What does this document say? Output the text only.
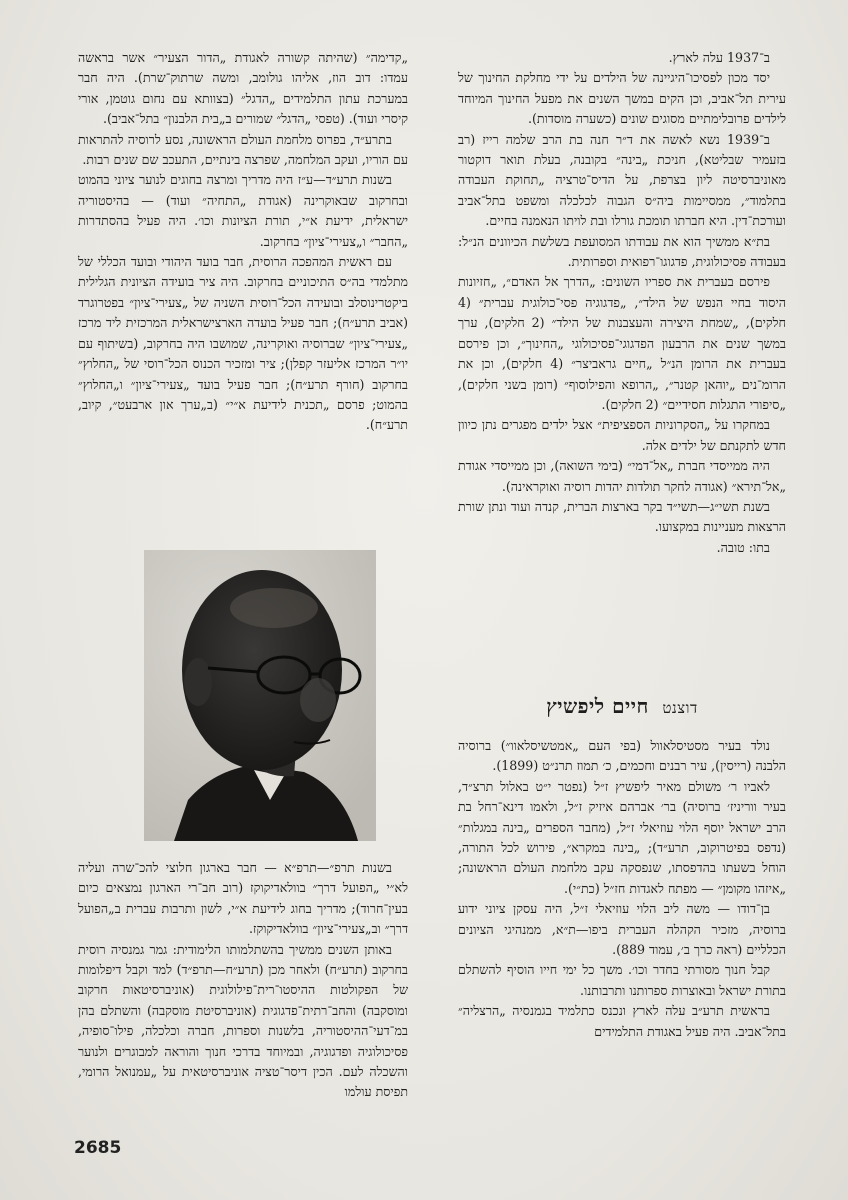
„קדימה״ (שהיתה קשורה לאגודת „הדור הצעיר״ אשר בראשה עמדו: דוב הוז, אליהו גולומב, ומשה שרתוק־שרת). היה חבר במערכת עתון התלמידים „הדגל״ (בצוותא עם נחום גוטמן, אורי קיסרי ועוד). (טפסי „הדגל״ שמורים ב„בית הלבנון״ בתל־אביב).

בתרע״ד, בפרוס מלחמת העולם הראשונה, נסע לרוסיה להתראות עם הוריו, ועקב המלחמה, שפרצה בינתיים, התעכב שם שנים רבות.

בשנות תרע״ד—ע״ז היה מדריך ומרצה בחוגים לנוער ציוני בהמוט ובחרקוב שבאוקרינה (אגודת „התחיה״ ועוד) — בהיסטוריה ישראלית, ידיעת א״י, תורת הציונות וכו׳. היה פעיל בהסתדרות „החבר״ ו„צעירי־ציון״ בחרקוב.

עם ראשית המהפכה הרוסית, חבר בועד היהודי ובועד הכללי של מתלמדי בה״ס התיכוניים בחרקוב. היה ציר בועידה הציונית הגלילית ביקטרינוסלב ובועידה הכל־רוסית השניה של „צעירי־ציון״ בפטרוגרד (אביב תרע״ח); חבר פעיל בועדה הארצישראלית המרכזית ליד מרכז „צעירי־ציון״ שברוסיה ואוקרינה, שמושבו היה בחרקוב, (בשיתוף עם יו״ר המרכז אליעזר קפלן); ציר ומזכיר הכנוס הכל־רוסי של „החלוץ״ בחרקוב (חורף תרע״ח); חבר פעיל בועד „צעירי־ציון״ ו„החלוץ״ בהמוט; פרסם „תכנית לידיעת א״י״ (ב„ערך און ארבעט״, קיוב, תרע״ח).

בשנות תרפ״—תרפ״א — חבר בארגון חלוצי להכ־שרה ועליה לא״י „הפועל דרך״ בוולאדיקוקז (רוב חב־רי הארגון נמצאים כיום בעין־חרוד); מדריך בחוג לידיעת א״י, לשון ותרבות עברית ב„הפועל דרך״ וב„צעירי־ציון״ בוולאדיקוקז.

באותן השנים ממשיך בהשתלמותו הלימודית: גמר גמנסיה רוסית בחרקוב (תרע״ח) ולאחר מכן (תרע״ח—תרפ״ד) למד וקבל דיפלומות של הפקולטות ההיסטו־רית־פילולוגית (אוניברסיטאות חרקוב ומוסקבה) והחב־רתית־פדגוגית (אוניברסיטת מוסקבה) והשתלם בהן במ־דעי־ההיסטוריה, בלשנות וספרות, חברה וכלכלה, פילו־סופיה, פסיכולוגיה ופדגוגיה, ובמיוחד בדרכי חנוך והוראה למבוגרים ולנוער והשכלה לעם. הכין דיסר־טציה אוניברסיטאית על „עמנואל הרומי, תפיסת עולמו

ב־1937 עלה לארץ.

יסד מכון לפסיכו־היגיינה של הילדים על ידי מחלקת החינוך של עירית תל־אביב, וכן הקים במשך השנים את מפעל החינוך המיוחד לילדים פרובלימתיים מסוגים שונים (כשערה מוסדות).

ב־1939 נשא לאשה את ד״ר חנה בת הרב שלמה רייז (רב בזעמיר שבליטא), חניכת „בינה״ בקובנה, בעלת תואר דוקטור מאוניברסיטה ליון בצרפת, על הדיס־טרציה „תחוקת העבודה בתלמוד״, ממסיימות ביה״ס הגבוה לכלכלה ומשפט בתל־אביב ועורכת־דין. היא חברתו תומכת גורלו ובת לויתו הנאמנה בחיים.

בת״א ממשיך הוא את עבודתו המסועפת בשלשת הכיוונים הנ״ל: בעבודה פסיכולוגית, פדגוגו־רפואית וספרותית.

פירסם בעברית את ספריו השונים: „הדרך אל האדם״, „חזיונות היסוד בחיי הנפש של הילד״, „פדגוגיה פסי־כולוגית עברית״ (4 חלקים), „שמחת היצירה והעצבנות של הילד״ (2 חלקים), ערך במשך שנים את הרבעון הפדגוגי־פסיכולוגי „החינוך״, וכן פירסם בעברית את הרומן הנ״ל „חיים גראביצר״ (4 חלקים), וכן את הרומ־נים „יוהאן קטנר״, „הרופא והפילוסוף״ (רומן בשני חלקים), „סיפורי התגלות חסידיים״ (2 חלקים).

במחקרו על „הסקרוניות הספציפית״ אצל ילדים מפגרים נתן כיוון חדש לתקנתם של ילדים אלה.

היה ממייסדי חברת „אל־דמי״ (בימי השואה), וכן ממייסדי אגודת „אל־תירא״ (אגודה לחקר תולדות יהדות רוסיה ואוקראינה).

בשנת תשי״ג—תשי״ד בקר בארצות הברית, קנדה ועוד ונתן שורת הרצאות מעניינות במקצועו.

בתו: טובה.

דוצנט חיים ליפשיץ

נולד בעיר מסטיסלאוול (בפי העם „אמטשיסלאוו״) ברוסיה הלבנה (רייסין), עיר רבנים וחכמים, כ׳ תמוז תרנ״ט (1899).

לאביו ר׳ משולם מאיר ליפשיץ ז״ל (נפטר י״ט באלול תרצ״ד, בעיר ווריניז׳ ברוסיה) בר׳ אברהם איזיק ז״ל, ולאמו דינא־רחל בת הרב ישראל יוסף הלוי עוזיאלי ז״ל, (מחבר הספרים „בינה במגלות״ (נדפס בפיטרוקוב, תרע״ד); „בינה במקרא״, פירוש לכל התורה, הוחל בשעתו בהדפסתו, שנפסקה עקב מלחמת העולם הראשונה; „איזהו מקומן״ — מפתח לאגדות חז״ל (כת״י).

בן־דודו — משה ליב הלוי עוזיאלי ז״ל, היה עסקן ציוני ידוע ברוסיה, מזכיר הקהלה העברית ביפו—ת״א, ממנהיגי הציונים הכלליים (ראה כרך ב׳, עמוד 889).

קבל חנוך מסורתי בחדר וכו׳. משך כל ימי חייו הוסיף להשתלם בתורת ישראל ובאוצרות ספרותנו ותרבותנו.

בראשית תרע״ב עלה לארץ ונכנס כתלמיד בגמנסיה „הרצליה״ בתל־אביב. היה פעיל באגודת התלמידים

2685
